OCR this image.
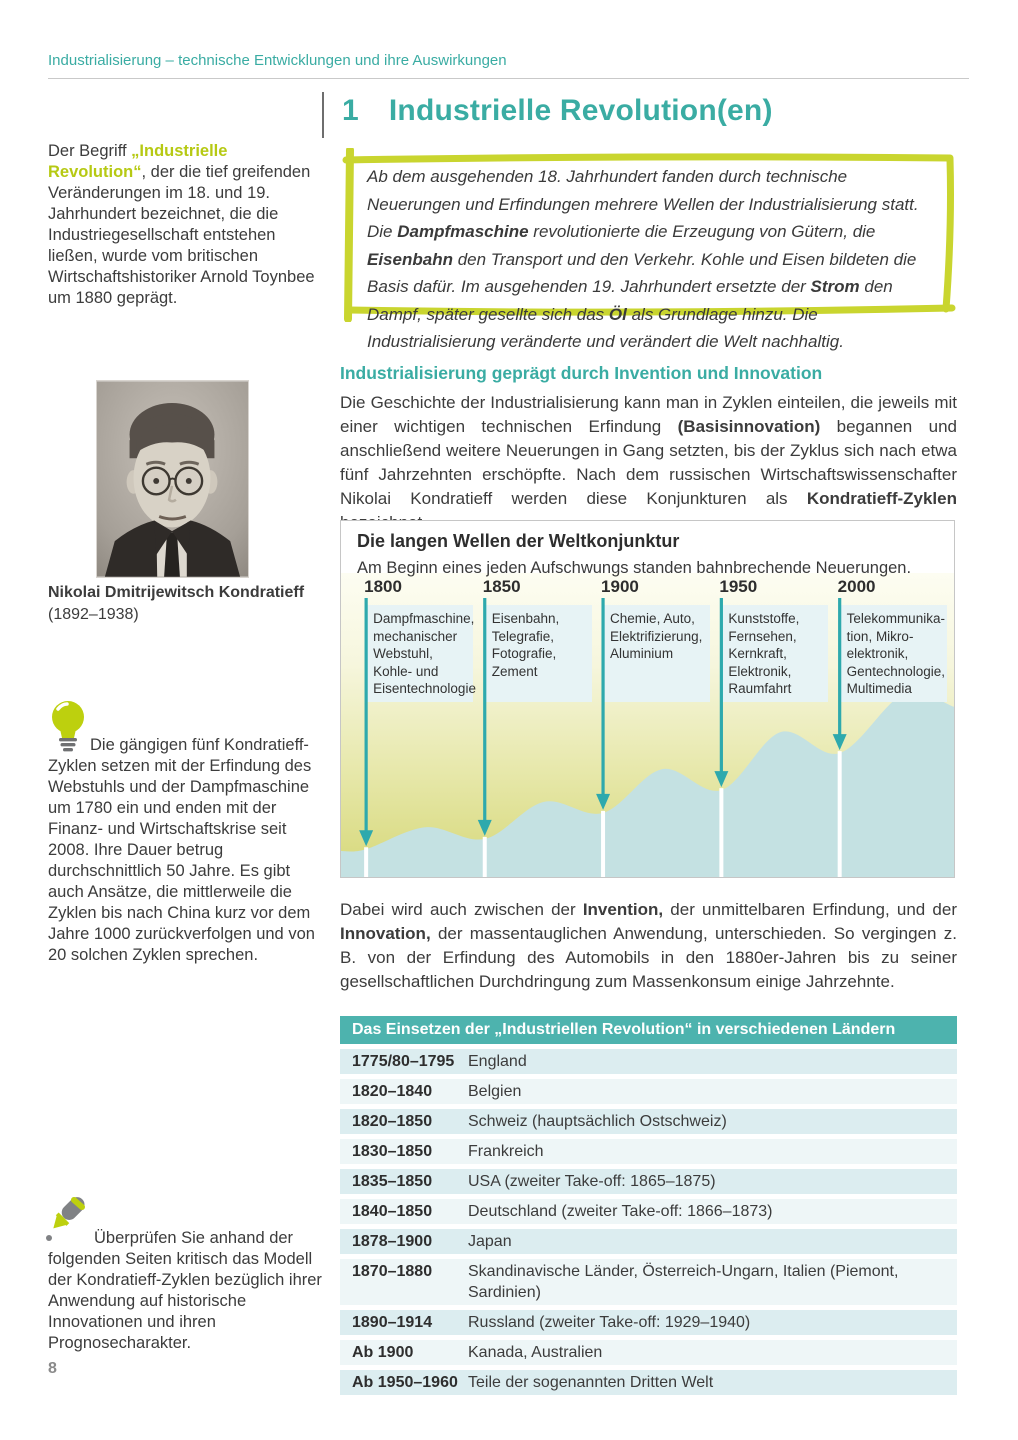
Industrialisierung – technische Entwicklungen und ihre Auswirkungen
1 Industrielle Revolution(en)
Ab dem ausgehenden 18. Jahrhundert fanden durch technische Neuerungen und Erfindungen mehrere Wellen der Industrialisierung statt. Die Dampfmaschine revolutionierte die Erzeugung von Gütern, die Eisenbahn den Transport und den Verkehr. Kohle und Eisen bildeten die Basis dafür. Im ausgehenden 19. Jahrhundert ersetzte der Strom den Dampf, später gesellte sich das Öl als Grundlage hinzu. Die Industrialisierung veränderte und verändert die Welt nachhaltig.
Der Begriff „Industrielle Revolution“, der die tief greifenden Veränderungen im 18. und 19. Jahrhundert bezeichnet, die die Industriegesellschaft entstehen ließen, wurde vom britischen Wirtschaftshistoriker Arnold Toynbee um 1880 geprägt.
Nikolai Dmitrijewitsch Kondratieff
(1892–1938)
Die gängigen fünf Kondratieff-Zyklen setzen mit der Erfindung des Webstuhls und der Dampfmaschine um 1780 ein und enden mit der Finanz- und Wirtschaftskrise seit 2008. Ihre Dauer betrug durchschnittlich 50 Jahre. Es gibt auch Ansätze, die mittlerweile die Zyklen bis nach China kurz vor dem Jahre 1000 zurückverfolgen und von 20 solchen Zyklen sprechen.
Überprüfen Sie anhand der folgenden Seiten kritisch das Modell der Kondratieff-Zyklen bezüglich ihrer Anwendung auf historische Innovationen und ihren Prognosecharakter.
8
Industrialisierung geprägt durch Invention und Innovation
Die Geschichte der Industrialisierung kann man in Zyklen einteilen, die jeweils mit einer wichtigen technischen Erfindung (Basisinnovation) begannen und anschließend weitere Neuerungen in Gang setzten, bis der Zyklus sich nach etwa fünf Jahrzehnten erschöpfte. Nach dem russischen Wirtschaftswissenschafter Nikolai Kondratieff werden diese Konjunkturen als Kondratieff-Zyklen
Die langen Wellen der Weltkonjunktur
Am Beginn eines jeden Aufschwungs standen bahnbrechende Neuerungen.
1800
Dampfmaschine,
mechanischer
Webstuhl,
Kohle- und
Eisentechnologie
1850
Eisenbahn,
Telegrafie,
Fotografie,
Zement
1900
Chemie, Auto,
Elektrifizierung,
Aluminium
1950
Kunststoffe,
Fernsehen,
Kernkraft,
Elektronik,
Raumfahrt
2000
Telekommunika-
tion, Mikro-
elektronik,
Gentechnologie,
Multimedia
Dabei wird auch zwischen der Invention, der unmittelbaren Erfindung, und der Innovation, der massentauglichen Anwendung, unterschieden. So vergingen z. B. von der Erfindung des Automobils in den 1880er-Jahren bis zu seiner gesellschaftlichen Durchdringung zum Massenkonsum einige Jahrzehnte.
Das Einsetzen der „Industriellen Revolution“ in verschiedenen Ländern
1775/80–1795 England
1820–1840	Belgien
1820–1850	Schweiz (hauptsächlich Ostschweiz)
1830–1850	Frankreich
1835–1850	USA (zweiter Take-off: 1865–1875)
1840–1850	Deutschland (zweiter Take-off: 1866–1873)
1878–1900	Japan
1870–1880	Skandinavische Länder, Österreich-Ungarn, Italien (Piemont, Sardinien)
1890–1914	Russland (zweiter Take-off: 1929–1940)
Ab 1900	Kanada, Australien
Ab 1950–1960 Teile der sogenannten Dritten Welt
